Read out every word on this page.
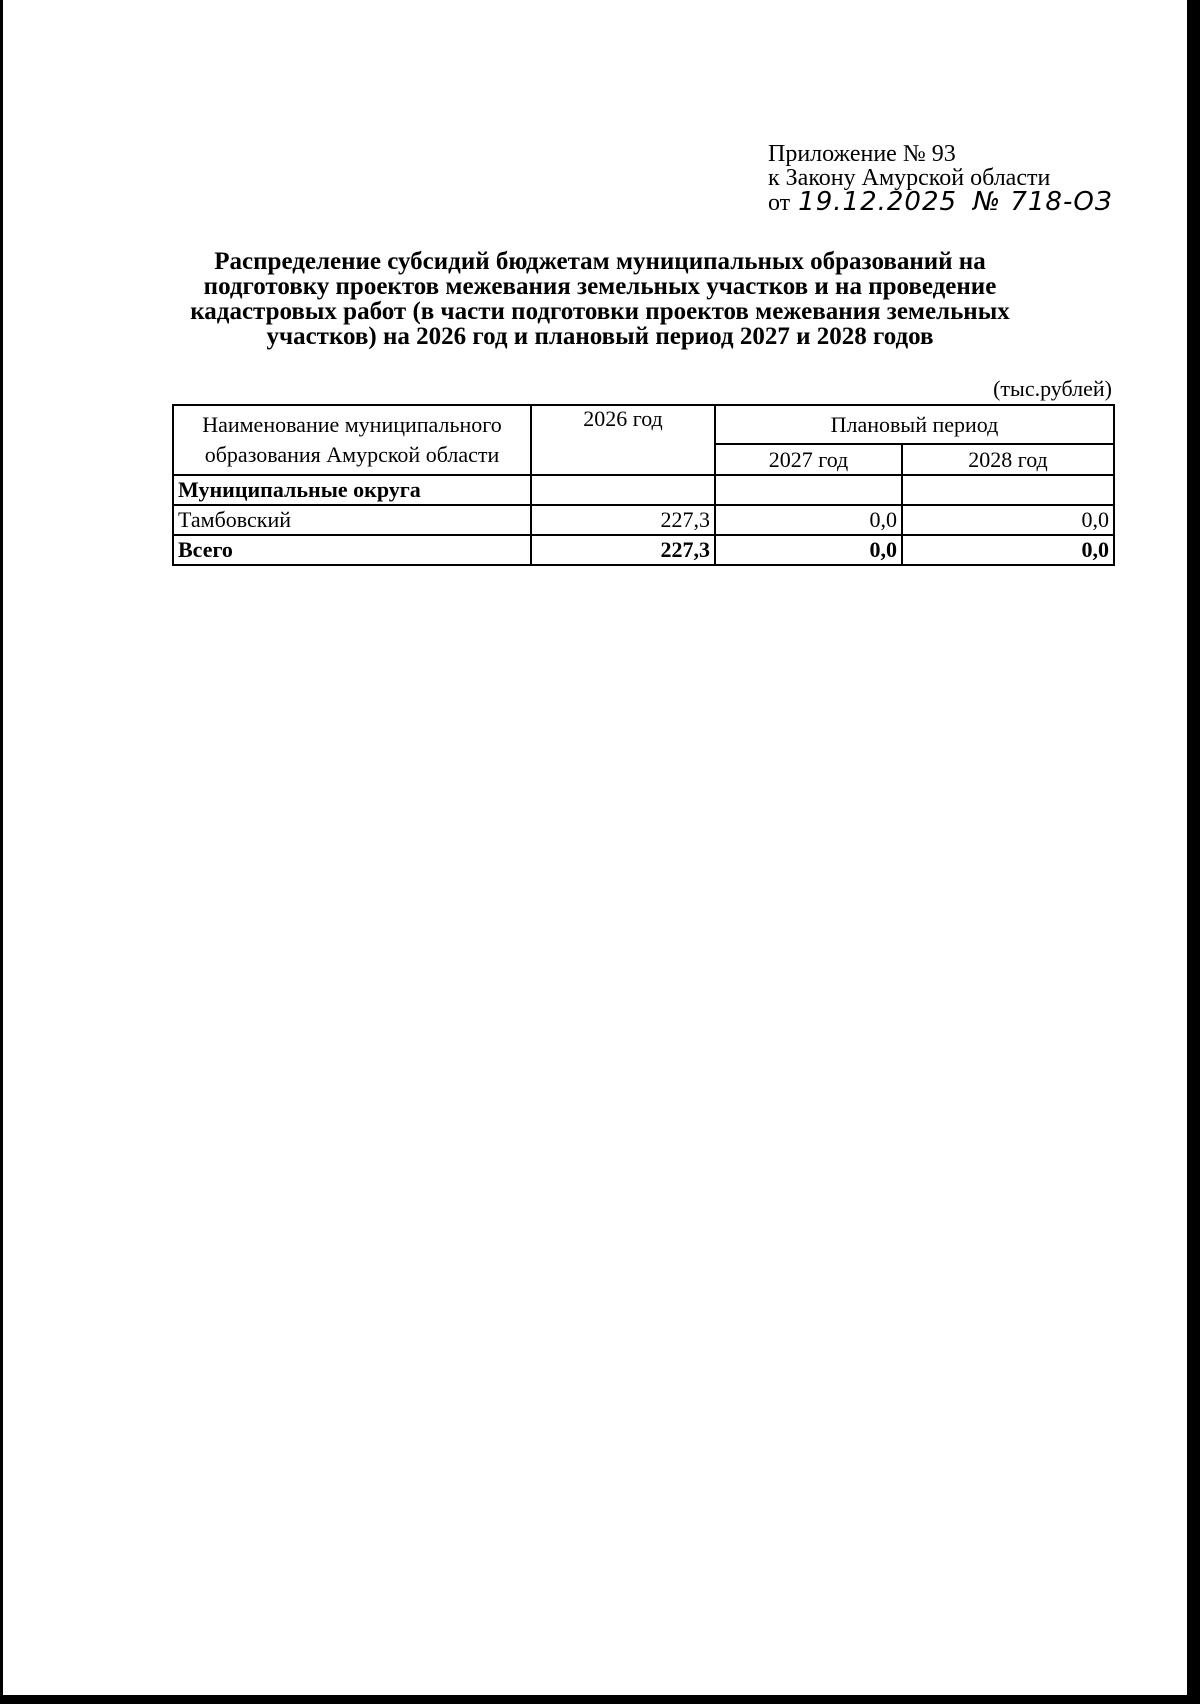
Приложение № 93
к Закону Амурской области
от 19.12.2025 № 718-ОЗ
Распределение субсидий бюджетам муниципальных образований на
подготовку проектов межевания земельных участков и на проведение
кадастровых работ (в части подготовки проектов межевания земельных
участков) на 2026 год и плановый период 2027 и 2028 годов
(тыс.рублей)
Наименование муниципального
образования Амурской области	2026 год	Плановый период	
		2027 год	2028 год
Муниципальные округа			
Тамбовский	227,3	0,0	0,0
Всего	227,3	0,0	0,0
